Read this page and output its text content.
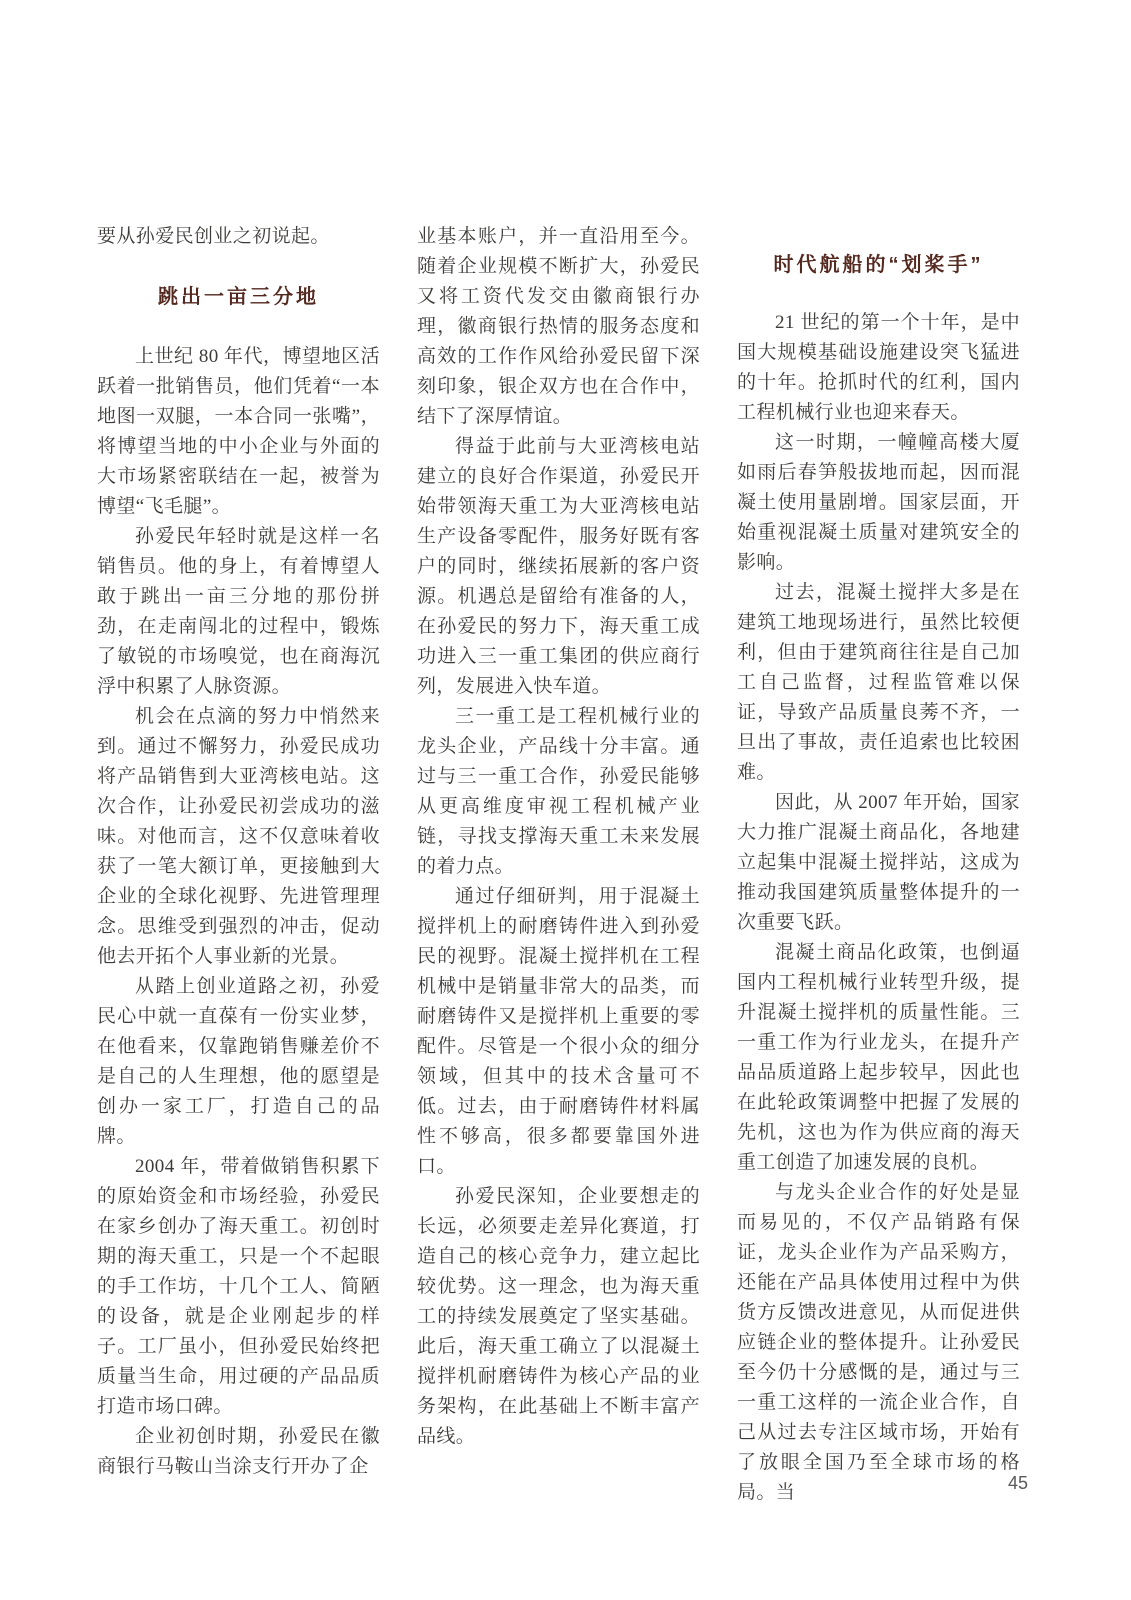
要从孙爱民创业之初说起。

跳出一亩三分地

上世纪 80 年代，博望地区活跃着一批销售员，他们凭着“一本地图一双腿，一本合同一张嘴”，将博望当地的中小企业与外面的大市场紧密联结在一起，被誉为博望“飞毛腿”。

孙爱民年轻时就是这样一名销售员。他的身上，有着博望人敢于跳出一亩三分地的那份拼劲，在走南闯北的过程中，锻炼了敏锐的市场嗅觉，也在商海沉浮中积累了人脉资源。

机会在点滴的努力中悄然来到。通过不懈努力，孙爱民成功将产品销售到大亚湾核电站。这次合作，让孙爱民初尝成功的滋味。对他而言，这不仅意味着收获了一笔大额订单，更接触到大企业的全球化视野、先进管理理念。思维受到强烈的冲击，促动他去开拓个人事业新的光景。

从踏上创业道路之初，孙爱民心中就一直葆有一份实业梦，在他看来，仅靠跑销售赚差价不是自己的人生理想，他的愿望是创办一家工厂，打造自己的品牌。

2004 年，带着做销售积累下的原始资金和市场经验，孙爱民在家乡创办了海天重工。初创时期的海天重工，只是一个不起眼的手工作坊，十几个工人、简陋的设备，就是企业刚起步的样子。工厂虽小，但孙爱民始终把质量当生命，用过硬的产品品质打造市场口碑。

企业初创时期，孙爱民在徽商银行马鞍山当涂支行开办了企

业基本账户，并一直沿用至今。随着企业规模不断扩大，孙爱民又将工资代发交由徽商银行办理，徽商银行热情的服务态度和高效的工作作风给孙爱民留下深刻印象，银企双方也在合作中，结下了深厚情谊。

得益于此前与大亚湾核电站建立的良好合作渠道，孙爱民开始带领海天重工为大亚湾核电站生产设备零配件，服务好既有客户的同时，继续拓展新的客户资源。机遇总是留给有准备的人，在孙爱民的努力下，海天重工成功进入三一重工集团的供应商行列，发展进入快车道。

三一重工是工程机械行业的龙头企业，产品线十分丰富。通过与三一重工合作，孙爱民能够从更高维度审视工程机械产业链，寻找支撑海天重工未来发展的着力点。

通过仔细研判，用于混凝土搅拌机上的耐磨铸件进入到孙爱民的视野。混凝土搅拌机在工程机械中是销量非常大的品类，而耐磨铸件又是搅拌机上重要的零配件。尽管是一个很小众的细分领域，但其中的技术含量可不低。过去，由于耐磨铸件材料属性不够高，很多都要靠国外进口。

孙爱民深知，企业要想走的长远，必须要走差异化赛道，打造自己的核心竞争力，建立起比较优势。这一理念，也为海天重工的持续发展奠定了坚实基础。此后，海天重工确立了以混凝土搅拌机耐磨铸件为核心产品的业务架构，在此基础上不断丰富产品线。

时代航船的“划桨手”

21 世纪的第一个十年，是中国大规模基础设施建设突飞猛进的十年。抢抓时代的红利，国内工程机械行业也迎来春天。

这一时期，一幢幢高楼大厦如雨后春笋般拔地而起，因而混凝土使用量剧增。国家层面，开始重视混凝土质量对建筑安全的影响。

过去，混凝土搅拌大多是在建筑工地现场进行，虽然比较便利，但由于建筑商往往是自己加工自己监督，过程监管难以保证，导致产品质量良莠不齐，一旦出了事故，责任追索也比较困难。

因此，从 2007 年开始，国家大力推广混凝土商品化，各地建立起集中混凝土搅拌站，这成为推动我国建筑质量整体提升的一次重要飞跃。

混凝土商品化政策，也倒逼国内工程机械行业转型升级，提升混凝土搅拌机的质量性能。三一重工作为行业龙头，在提升产品品质道路上起步较早，因此也在此轮政策调整中把握了发展的先机，这也为作为供应商的海天重工创造了加速发展的良机。

与龙头企业合作的好处是显而易见的，不仅产品销路有保证，龙头企业作为产品采购方，还能在产品具体使用过程中为供货方反馈改进意见，从而促进供应链企业的整体提升。让孙爱民至今仍十分感慨的是，通过与三一重工这样的一流企业合作，自己从过去专注区域市场，开始有了放眼全国乃至全球市场的格局。当	45
